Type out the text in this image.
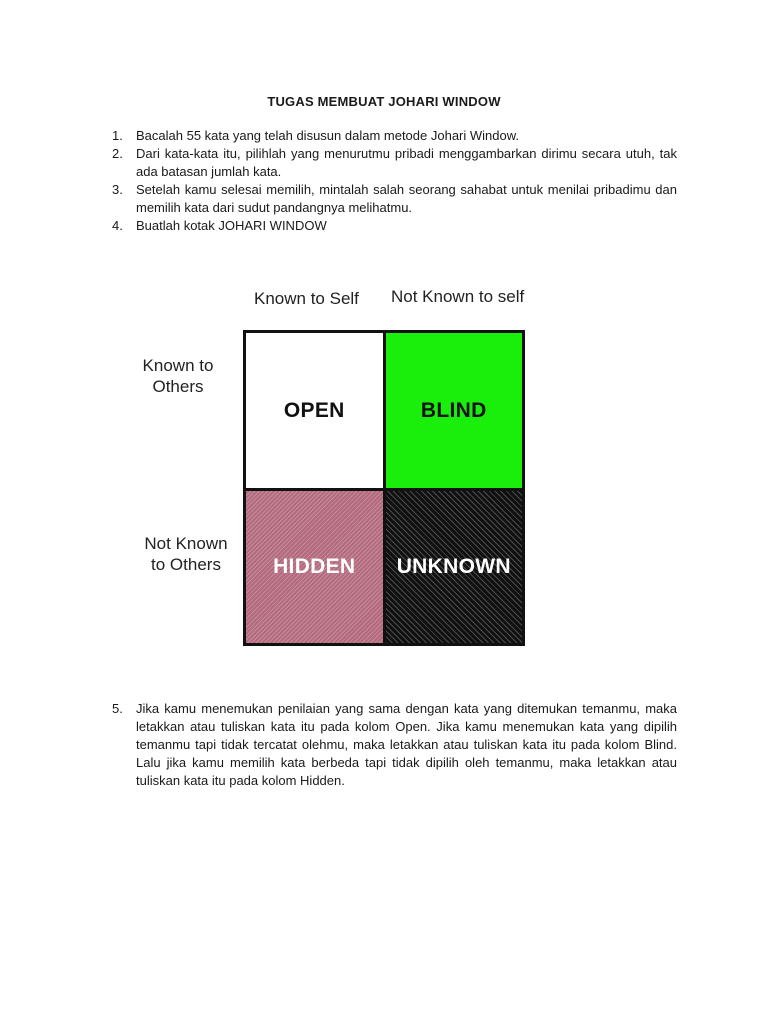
TUGAS MEMBUAT JOHARI WINDOW
1.	Bacalah 55 kata yang telah disusun dalam metode Johari Window.
2.	Dari kata-kata itu, pilihlah yang menurutmu pribadi menggambarkan dirimu secara utuh, tak ada batasan jumlah kata.
3.	Setelah kamu selesai memilih, mintalah salah seorang sahabat untuk menilai pribadimu dan memilih kata dari sudut pandangnya melihatmu.
4.	Buatlah kotak JOHARI WINDOW
Known to Self Not Known to self
Known to
Others
Not Known
to Others
OPEN	BLIND
HIDDEN	UNKNOWN
5.	Jika kamu menemukan penilaian yang sama dengan kata yang ditemukan temanmu, maka letakkan atau tuliskan kata itu pada kolom Open. Jika kamu menemukan kata yang dipilih temanmu tapi tidak tercatat olehmu, maka letakkan atau tuliskan kata itu pada kolom Blind. Lalu jika kamu memilih kata berbeda tapi tidak dipilih oleh temanmu, maka letakkan atau tuliskan kata itu pada kolom Hidden.
